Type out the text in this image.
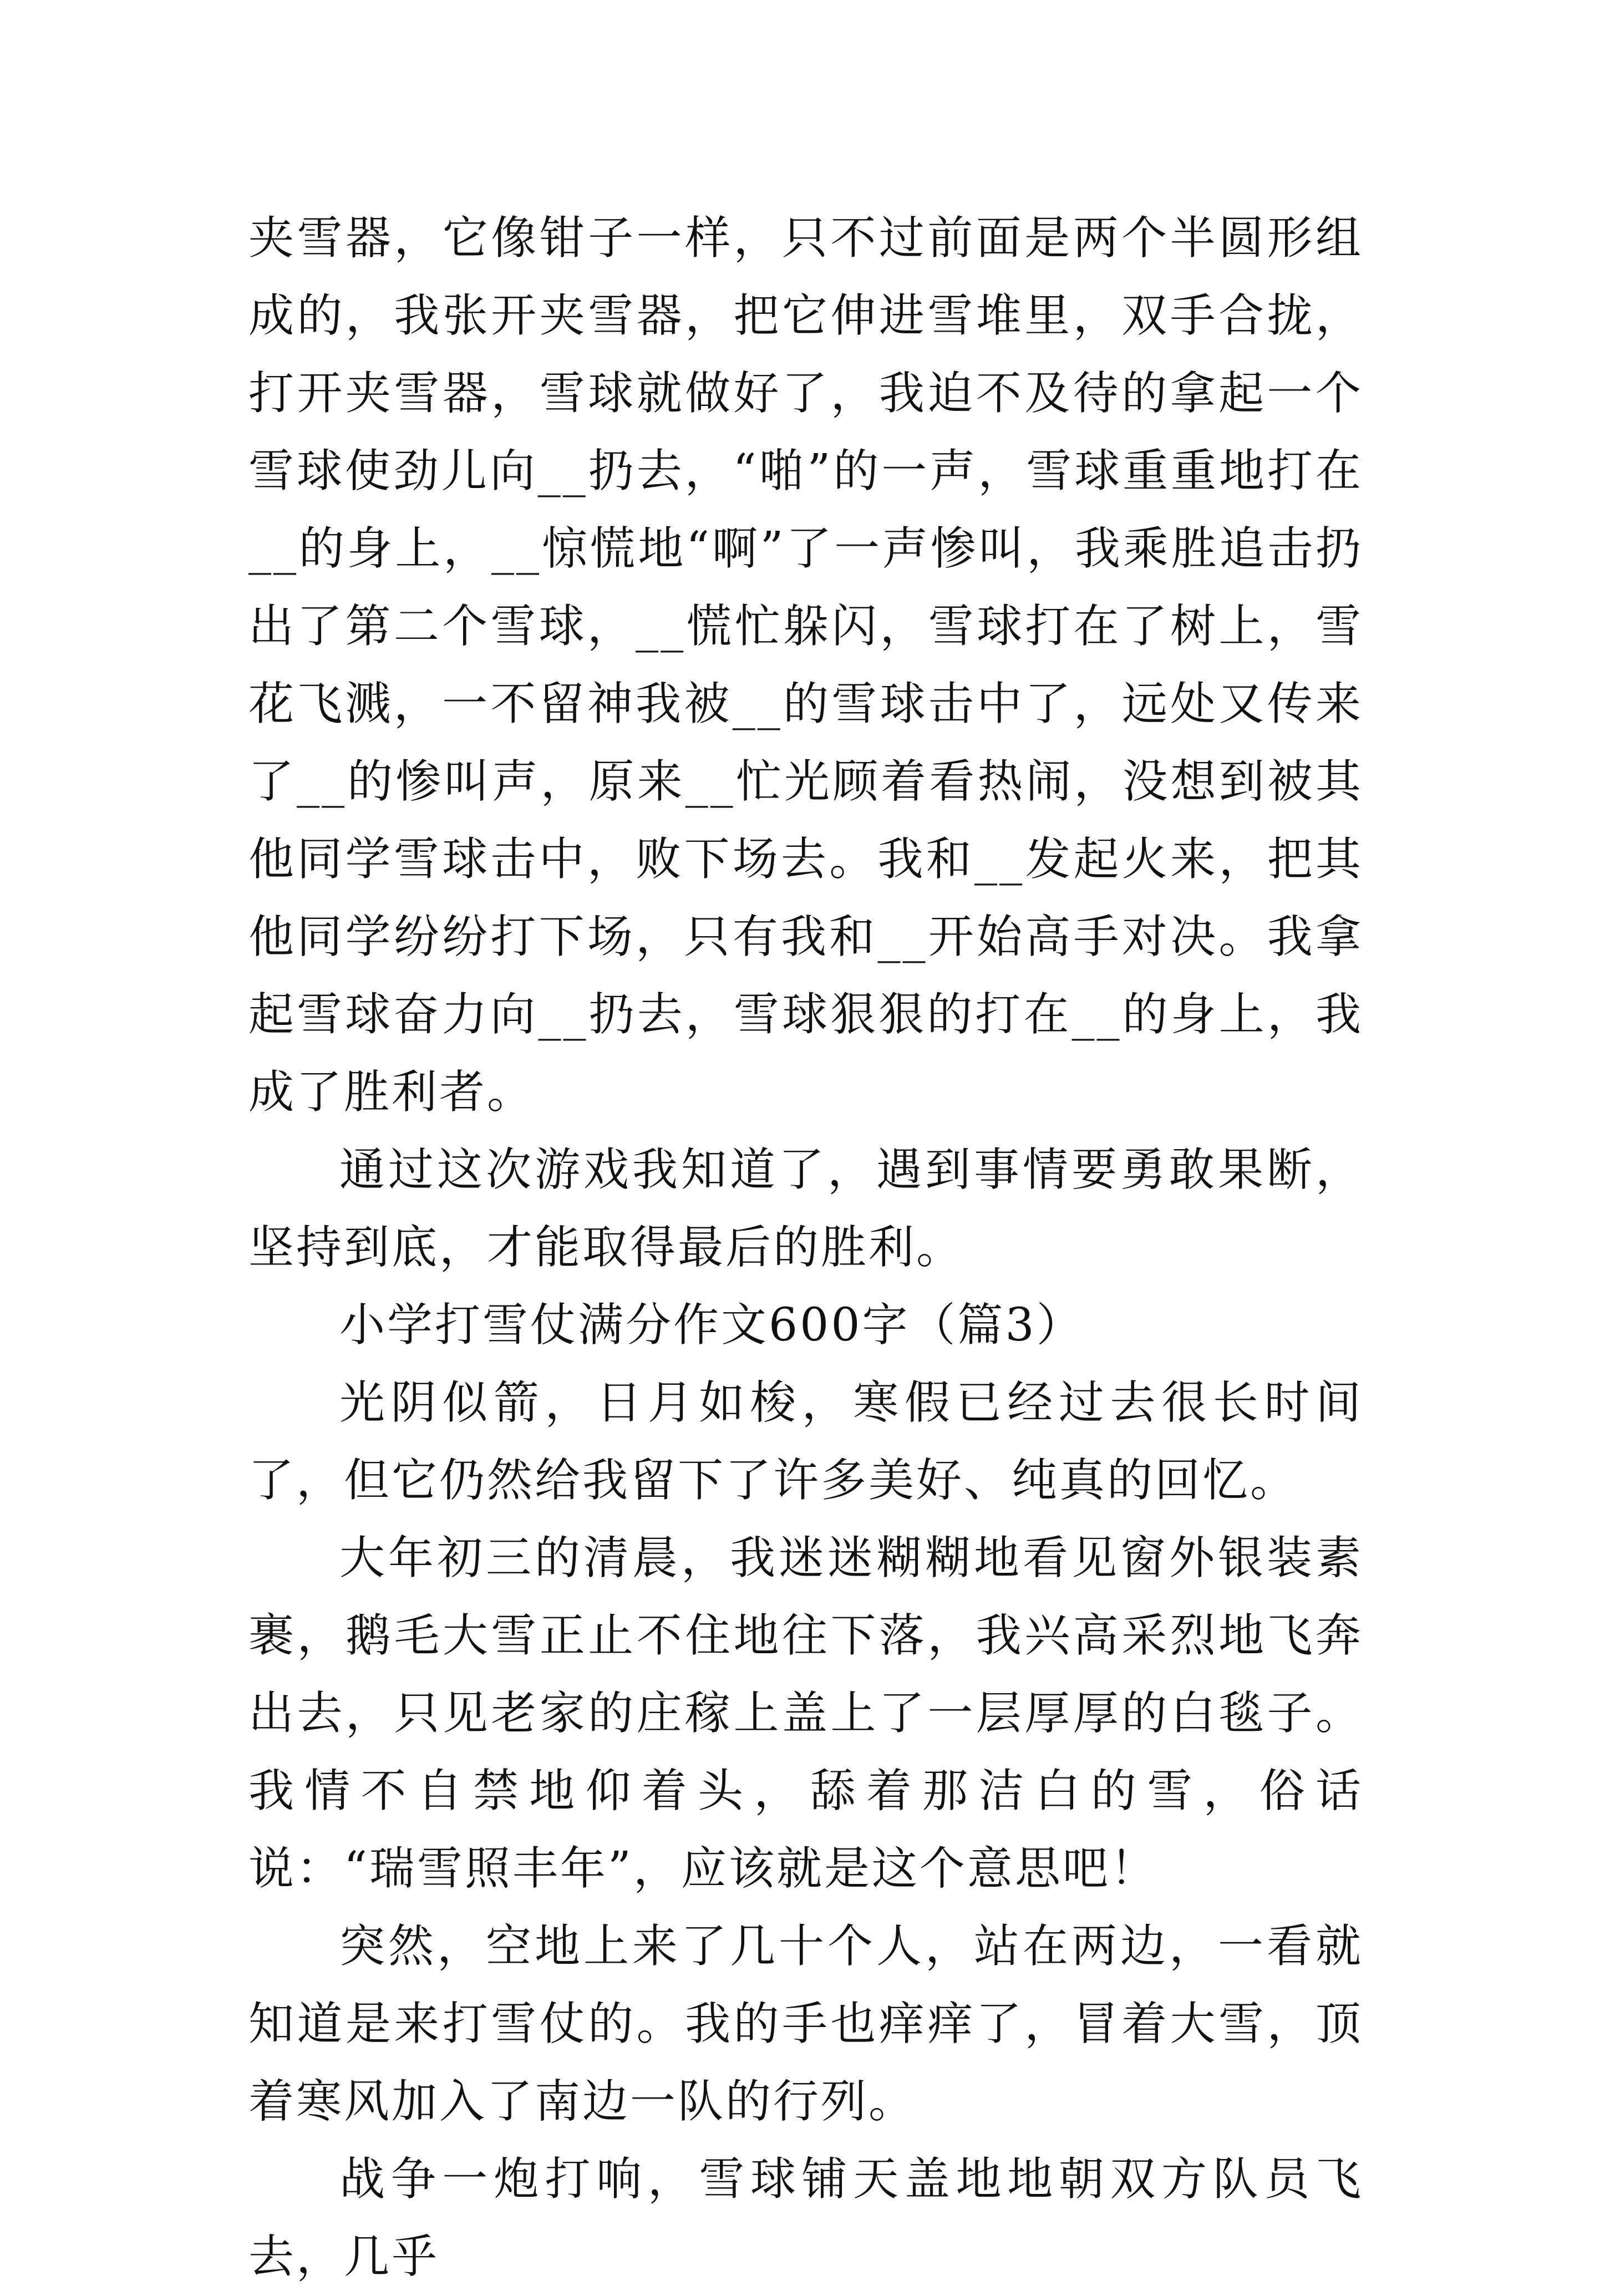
夹雪器，它像钳子一样，只不过前面是两个半圆形组成的，我张开夹雪器，把它伸进雪堆里，双手合拢，打开夹雪器，雪球就做好了，我迫不及待的拿起一个雪球使劲儿向__扔去，“啪”的一声，雪球重重地打在__的身上，__惊慌地“啊”了一声惨叫，我乘胜追击扔出了第二个雪球，__慌忙躲闪，雪球打在了树上，雪花飞溅，一不留神我被__的雪球击中了，远处又传来了__的惨叫声，原来__忙光顾着看热闹，没想到被其他同学雪球击中，败下场去。我和__发起火来，把其他同学纷纷打下场，只有我和__开始高手对决。我拿起雪球奋力向__扔去，雪球狠狠的打在__的身上，我成了胜利者。

通过这次游戏我知道了，遇到事情要勇敢果断，坚持到底，才能取得最后的胜利。

小学打雪仗满分作文600字（篇3）

光阴似箭，日月如梭，寒假已经过去很长时间了，但它仍然给我留下了许多美好、纯真的回忆。

大年初三的清晨，我迷迷糊糊地看见窗外银装素裹，鹅毛大雪正止不住地往下落，我兴高采烈地飞奔出去，只见老家的庄稼上盖上了一层厚厚的白毯子。我情不自禁地仰着头，舔着那洁白的雪，俗话说：“瑞雪照丰年”，应该就是这个意思吧！

突然，空地上来了几十个人，站在两边，一看就知道是来打雪仗的。我的手也痒痒了，冒着大雪，顶着寒风加入了南边一队的行列。

战争一炮打响，雪球铺天盖地地朝双方队员飞去，几乎
